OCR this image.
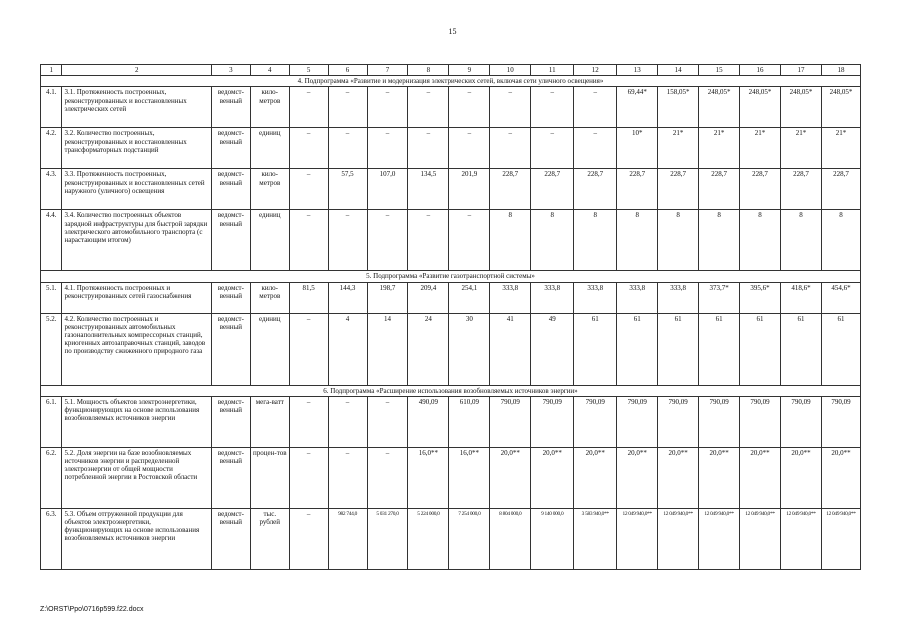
15
1	2	3	4	5	6	7	8	9	10	11	12	13	14	15	16	17	18
4. Подпрограмма «Развитие и модернизация электрических сетей, включая сети уличного освещения»																	
4.1.	3.1. Протяженность построенных, реконструированных и восстановленных электрических сетей	ведомст-венный	кило-метров	–	–	–	–	–	–	–	–	69,44*	158,05*	248,05*	248,05*	248,05*	248,05*
4.2.	3.2. Количество построенных, реконструированных и восстановленных трансформаторных подстанций	ведомст-венный	единиц	–	–	–	–	–	–	–	–	10*	21*	21*	21*	21*	21*
4.3.	3.3. Протяженность построенных, реконструированных и восстановленных сетей наружного (уличного) освещения	ведомст-венный	кило-метров	–	57,5	107,0	134,5	201,9	228,7	228,7	228,7	228,7	228,7	228,7	228,7	228,7	228,7
4.4.	3.4. Количество построенных объектов зарядной инфраструктуры для быстрой зарядки электрического автомобильного транспорта (с нарастающим итогом)	ведомст-венный	единиц	–	–	–	–	–	8	8	8	8	8	8	8	8	8
5. Подпрограмма «Развитие газотранспортной системы»																	
5.1.	4.1. Протяженность построенных и реконструированных сетей газоснабжения	ведомст-венный	кило-метров	81,5	144,3	198,7	209,4	254,1	333,8	333,8	333,8	333,8	333,8	373,7*	395,6*	418,6*	454,6*
5.2.	4.2. Количество построенных и реконструированных автомобильных газонаполнительных компрессорных станций, криогенных автозаправочных станций, заводов по производству сжиженного природного газа	ведомст-венный	единиц	–	4	14	24	30	41	49	61	61	61	61	61	61	61
6. Подпрограмма «Расширение использования возобновляемых источников энергии»																	
6.1.	5.1. Мощность объектов электроэнергетики, функционирующих на основе использования возобновляемых источников энергии	ведомст-венный	мега-ватт	–	–	–	490,09	610,09	790,09	790,09	790,09	790,09	790,09	790,09	790,09	790,09	790,09
6.2.	5.2. Доля энергии на базе возобновляемых источников энергии и распределенной электроэнергии от общей мощности потребленной энергии в Ростовской области	ведомст-венный	процен-тов	–	–	–	16,0**	16,0**	20,0**	20,0**	20,0**	20,0**	20,0**	20,0**	20,0**	20,0**	20,0**
6.3.	5.3. Объем отгруженной продукции для объектов электроэнергетики, функционирующих на основе использования возобновляемых источников энергии	ведомст-венный	тыс. рублей	–	982 744,0	5 031 270,0	5 224 000,0	7 254 000,0	8 804 000,0	9 140 000,0	3 583 940,0**	12 049 940,0**	12 049 940,0**	12 049 940,0**	12 049 940,0**	12 049 940,0**	12 049 940,0**
Z:\ORST\Ppo\0716p599.f22.docx
